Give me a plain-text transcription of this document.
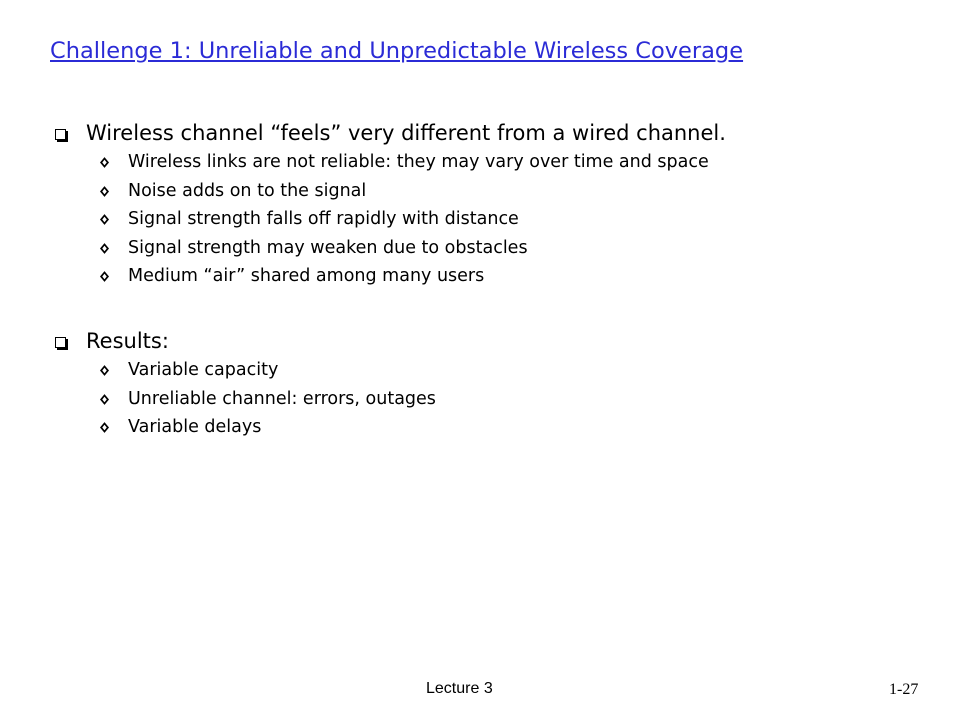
Challenge 1: Unreliable and Unpredictable Wireless Coverage
Wireless channel “feels” very different from a wired channel.
Wireless links are not reliable: they may vary over time and space
Noise adds on to the signal
Signal strength falls off rapidly with distance
Signal strength may weaken due to obstacles
Medium “air” shared among many users
Results:
Variable capacity
Unreliable channel: errors, outages
Variable delays
Lecture 3	1-27
